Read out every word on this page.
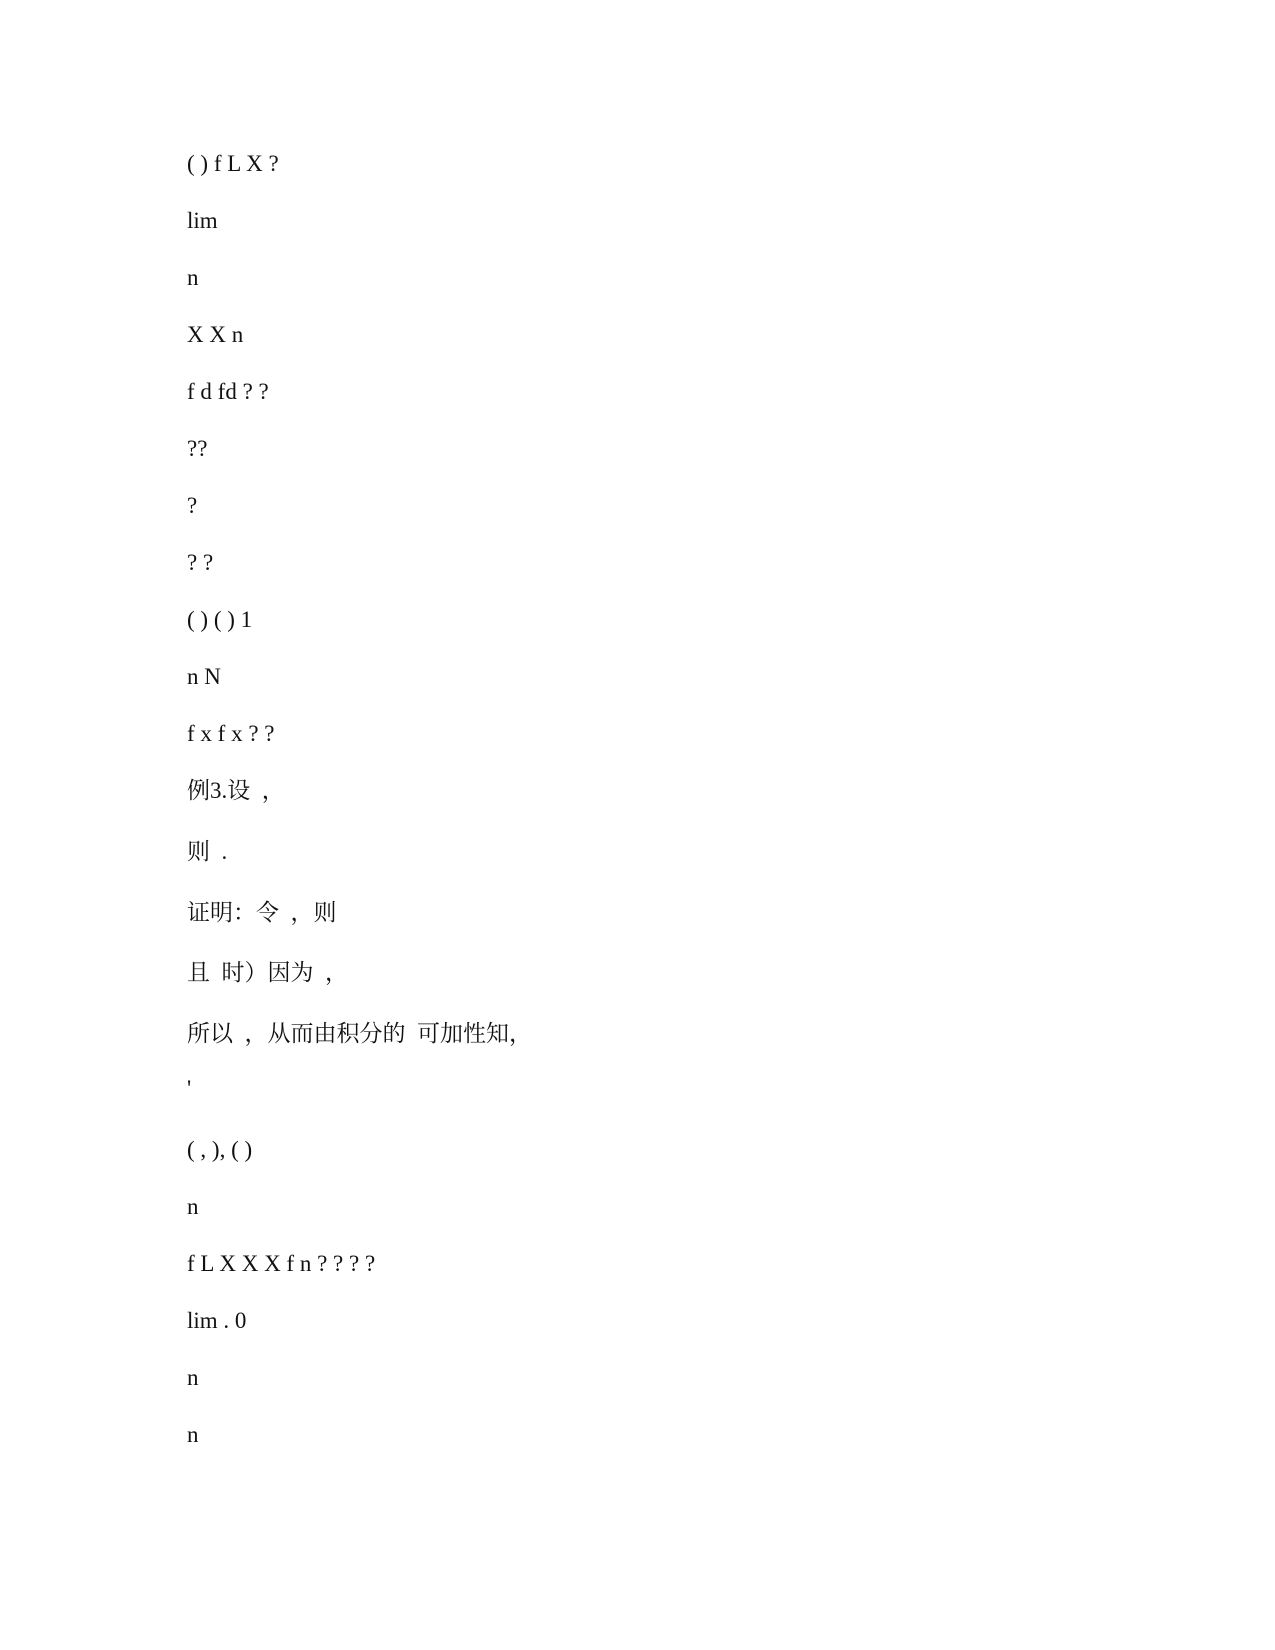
( ) f L X ?

lim

n

X X n

f d fd ? ?

??

?

? ?

( ) ( ) 1

n N

f x f x ? ?

例3.设  ，

则  .

证明：令  ，则

且  时）因为  ，

所以  ，从而由积分的  可加性知，

'

( , ), ( )

n

f L X X X f n ? ? ? ?

lim . 0

n

n
